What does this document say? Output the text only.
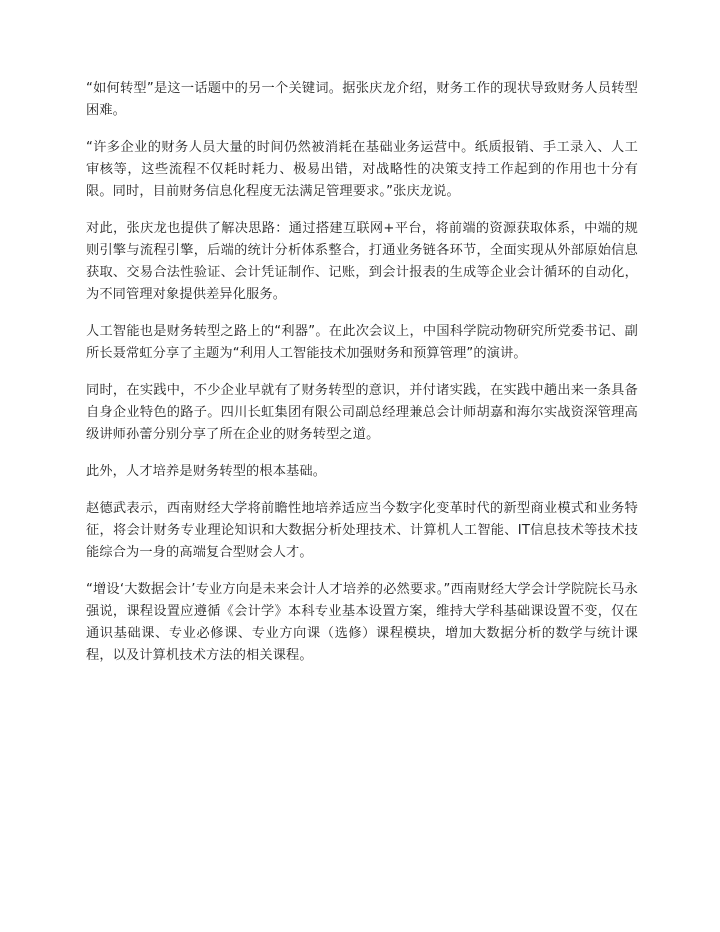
“如何转型”是这一话题中的另一个关键词。据张庆龙介绍，财务工作的现状导致财务人员转型困难。

“许多企业的财务人员大量的时间仍然被消耗在基础业务运营中。纸质报销、手工录入、人工审核等，这些流程不仅耗时耗力、极易出错，对战略性的决策支持工作起到的作用也十分有限。同时，目前财务信息化程度无法满足管理要求。”张庆龙说。

对此，张庆龙也提供了解决思路：通过搭建互联网+平台，将前端的资源获取体系，中端的规则引擎与流程引擎，后端的统计分析体系整合，打通业务链各环节，全面实现从外部原始信息获取、交易合法性验证、会计凭证制作、记账，到会计报表的生成等企业会计循环的自动化，为不同管理对象提供差异化服务。

人工智能也是财务转型之路上的“利器”。在此次会议上，中国科学院动物研究所党委书记、副所长聂常虹分享了主题为“利用人工智能技术加强财务和预算管理”的演讲。

同时，在实践中，不少企业早就有了财务转型的意识，并付诸实践，在实践中趟出来一条具备自身企业特色的路子。四川长虹集团有限公司副总经理兼总会计师胡嘉和海尔实战资深管理高级讲师孙蕾分别分享了所在企业的财务转型之道。

此外，人才培养是财务转型的根本基础。

赵德武表示，西南财经大学将前瞻性地培养适应当今数字化变革时代的新型商业模式和业务特征，将会计财务专业理论知识和大数据分析处理技术、计算机人工智能、IT信息技术等技术技能综合为一身的高端复合型财会人才。

“增设‘大数据会计’专业方向是未来会计人才培养的必然要求。”西南财经大学会计学院院长马永强说，课程设置应遵循《会计学》本科专业基本设置方案，维持大学科基础课设置不变，仅在通识基础课、专业必修课、专业方向课（选修）课程模块，增加大数据分析的数学与统计课程，以及计算机技术方法的相关课程。
